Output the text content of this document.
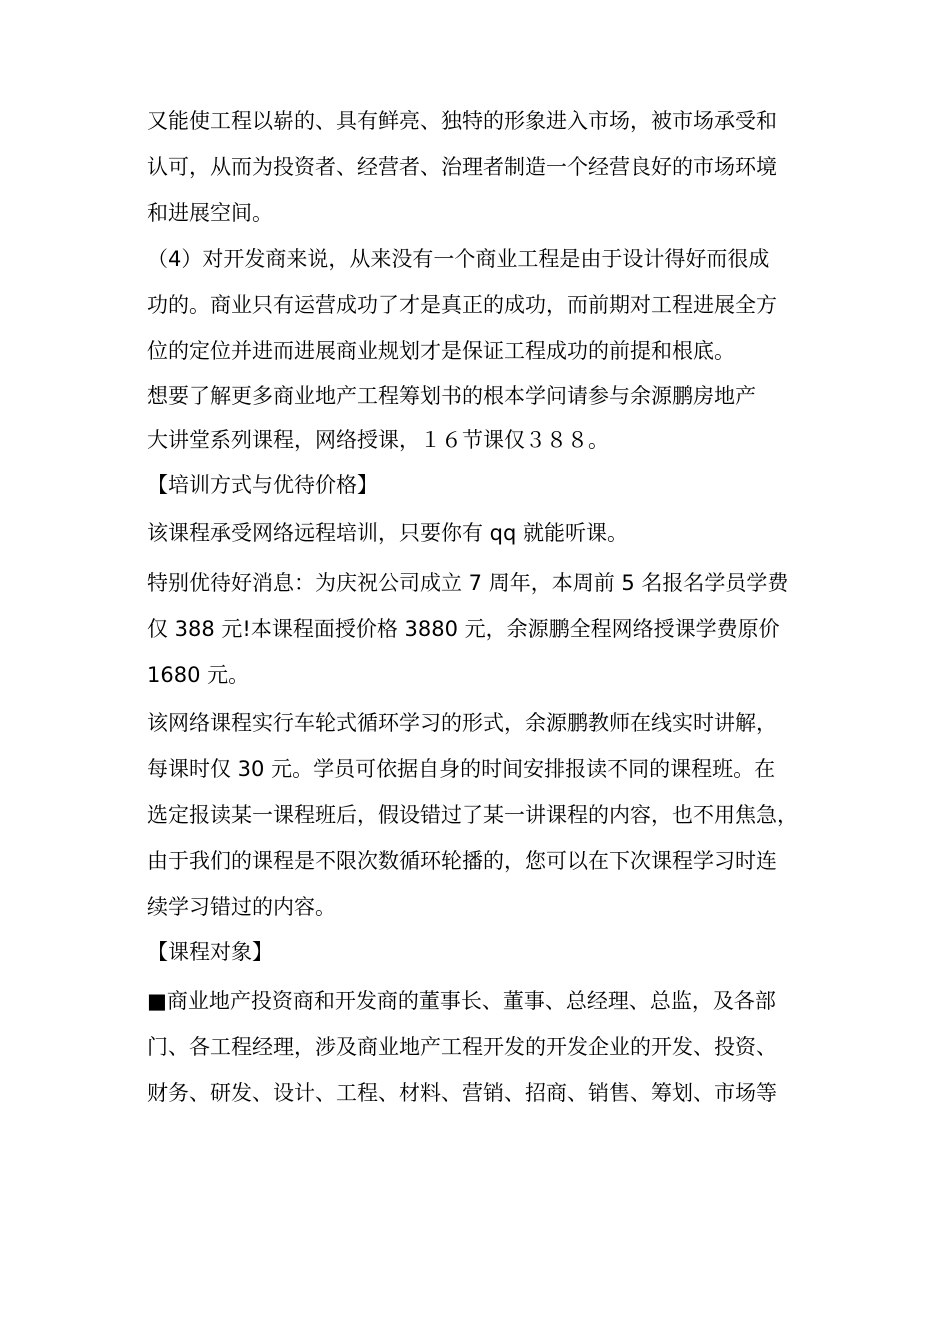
又能使工程以崭的、具有鲜亮、独特的形象进入市场，被市场承受和
认可，从而为投资者、经营者、治理者制造一个经营良好的市场环境
和进展空间。
（4）对开发商来说，从来没有一个商业工程是由于设计得好而很成
功的。商业只有运营成功了才是真正的成功，而前期对工程进展全方
位的定位并进而进展商业规划才是保证工程成功的前提和根底。
想要了解更多商业地产工程筹划书的根本学问请参与余源鹏房地产
大讲堂系列课程，网络授课，１６节课仅３８８。
【培训方式与优待价格】
该课程承受网络远程培训，只要你有 qq 就能听课。
特别优待好消息：为庆祝公司成立 7 周年，本周前 5 名报名学员学费
仅 388 元!本课程面授价格 3880 元，余源鹏全程网络授课学费原价
1680 元。
该网络课程实行车轮式循环学习的形式，余源鹏教师在线实时讲解，
每课时仅 30 元。学员可依据自身的时间安排报读不同的课程班。在
选定报读某一课程班后，假设错过了某一讲课程的内容，也不用焦急，
由于我们的课程是不限次数循环轮播的，您可以在下次课程学习时连
续学习错过的内容。
【课程对象】
■商业地产投资商和开发商的董事长、董事、总经理、总监，及各部
门、各工程经理，涉及商业地产工程开发的开发企业的开发、投资、
财务、研发、设计、工程、材料、营销、招商、销售、筹划、市场等
